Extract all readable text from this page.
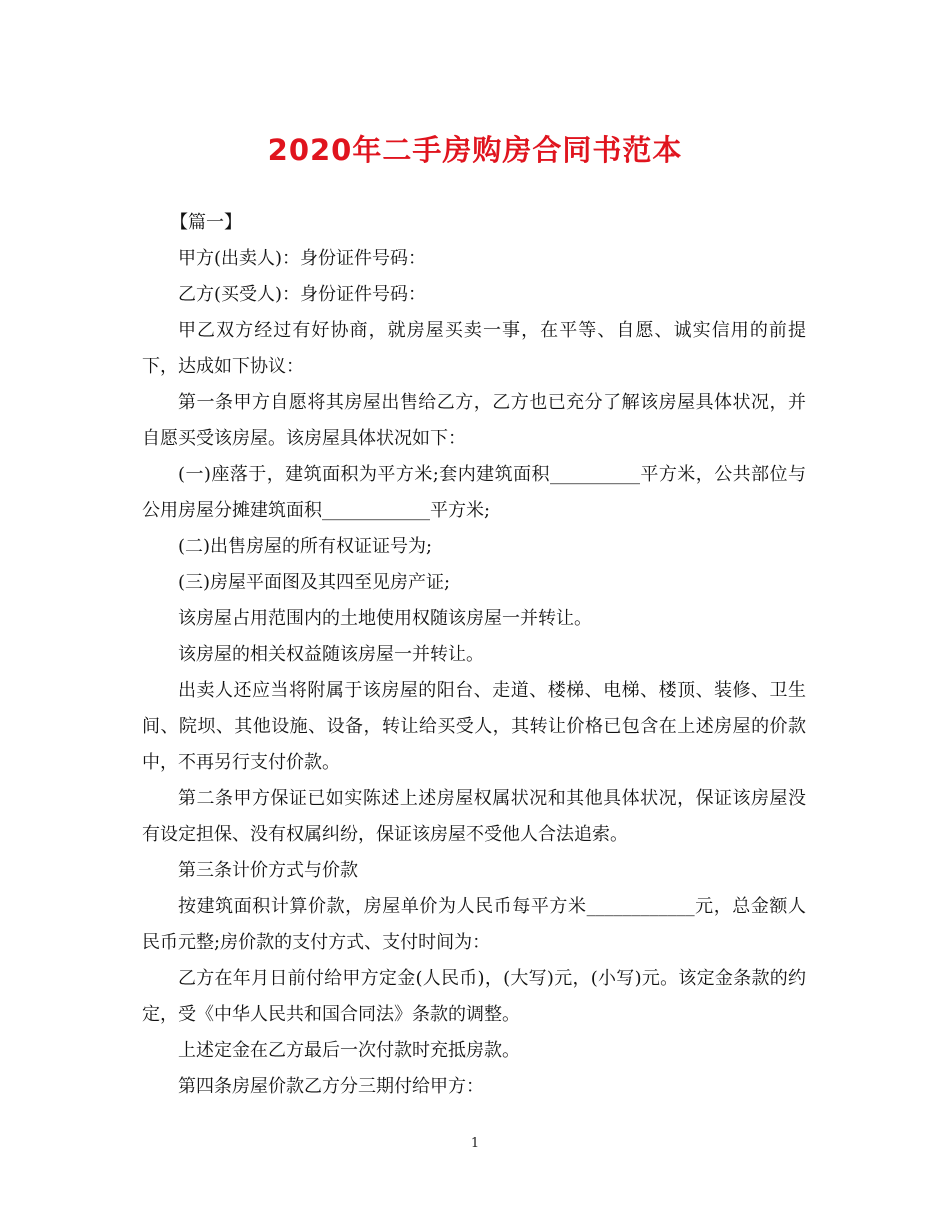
2020年二手房购房合同书范本

【篇一】

甲方(出卖人)：身份证件号码：

乙方(买受人)：身份证件号码：

甲乙双方经过有好协商，就房屋买卖一事，在平等、自愿、诚实信用的前提下，达成如下协议：

第一条甲方自愿将其房屋出售给乙方，乙方也已充分了解该房屋具体状况，并自愿买受该房屋。该房屋具体状况如下：

(一)座落于，建筑面积为平方米;套内建筑面积__________平方米，公共部位与公用房屋分摊建筑面积____________平方米;

(二)出售房屋的所有权证证号为;

(三)房屋平面图及其四至见房产证;

该房屋占用范围内的土地使用权随该房屋一并转让。

该房屋的相关权益随该房屋一并转让。

出卖人还应当将附属于该房屋的阳台、走道、楼梯、电梯、楼顶、装修、卫生间、院坝、其他设施、设备，转让给买受人，其转让价格已包含在上述房屋的价款中，不再另行支付价款。

第二条甲方保证已如实陈述上述房屋权属状况和其他具体状况，保证该房屋没有设定担保、没有权属纠纷，保证该房屋不受他人合法追索。

第三条计价方式与价款

按建筑面积计算价款，房屋单价为人民币每平方米____________元，总金额人民币元整;房价款的支付方式、支付时间为：

乙方在年月日前付给甲方定金(人民币)，(大写)元，(小写)元。该定金条款的约定，受《中华人民共和国合同法》条款的调整。

上述定金在乙方最后一次付款时充抵房款。

第四条房屋价款乙方分三期付给甲方：

1
